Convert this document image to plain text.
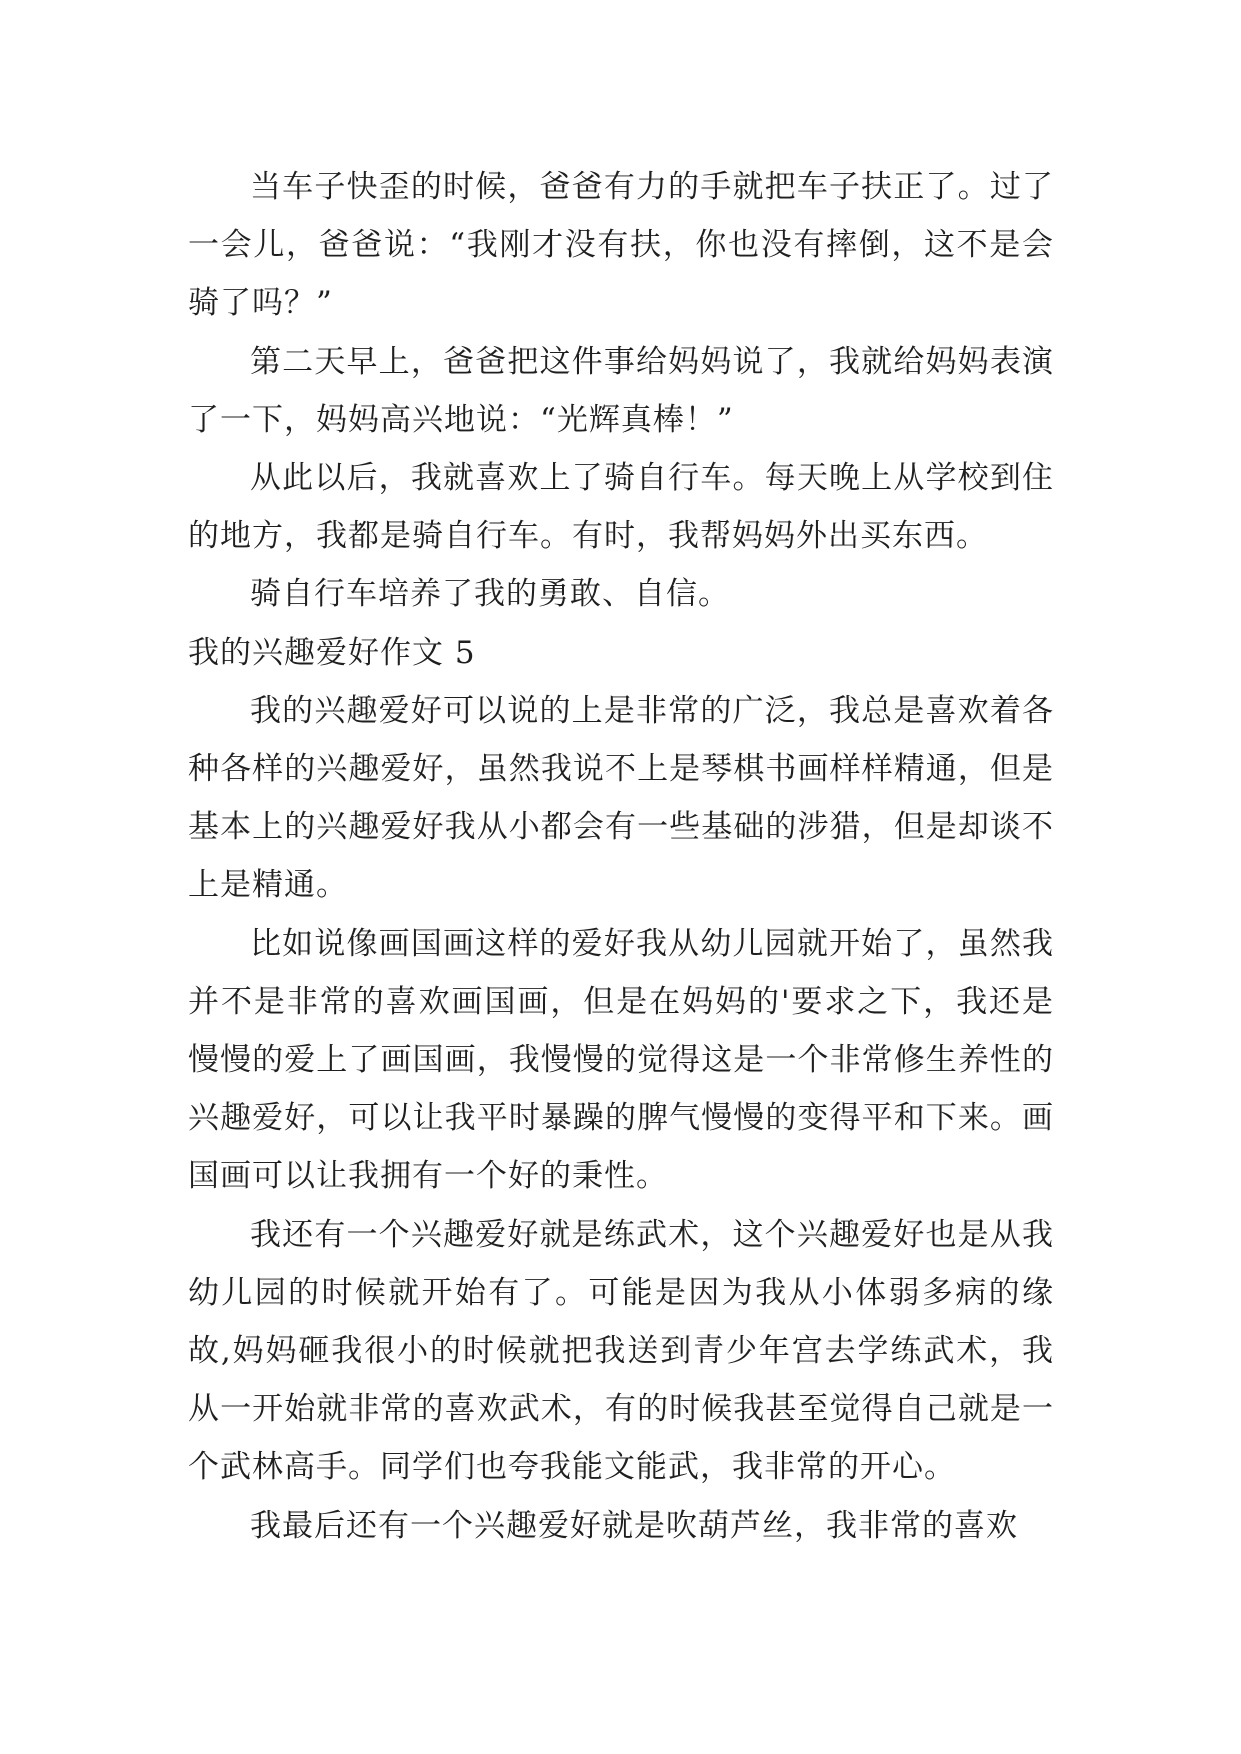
当车子快歪的时候，爸爸有力的手就把车子扶正了。过了一会儿，爸爸说：“我刚才没有扶，你也没有摔倒，这不是会骑了吗？”

第二天早上，爸爸把这件事给妈妈说了，我就给妈妈表演了一下，妈妈高兴地说：“光辉真棒！”

从此以后，我就喜欢上了骑自行车。每天晚上从学校到住的地方，我都是骑自行车。有时，我帮妈妈外出买东西。

骑自行车培养了我的勇敢、自信。

我的兴趣爱好作文 5

我的兴趣爱好可以说的上是非常的广泛，我总是喜欢着各种各样的兴趣爱好，虽然我说不上是琴棋书画样样精通，但是基本上的兴趣爱好我从小都会有一些基础的涉猎，但是却谈不上是精通。

比如说像画国画这样的爱好我从幼儿园就开始了，虽然我并不是非常的喜欢画国画，但是在妈妈的'要求之下，我还是慢慢的爱上了画国画，我慢慢的觉得这是一个非常修生养性的兴趣爱好，可以让我平时暴躁的脾气慢慢的变得平和下来。画国画可以让我拥有一个好的秉性。

我还有一个兴趣爱好就是练武术，这个兴趣爱好也是从我幼儿园的时候就开始有了。可能是因为我从小体弱多病的缘故,妈妈砸我很小的时候就把我送到青少年宫去学练武术，我从一开始就非常的喜欢武术，有的时候我甚至觉得自己就是一个武林高手。同学们也夸我能文能武，我非常的开心。

我最后还有一个兴趣爱好就是吹葫芦丝，我非常的喜欢
